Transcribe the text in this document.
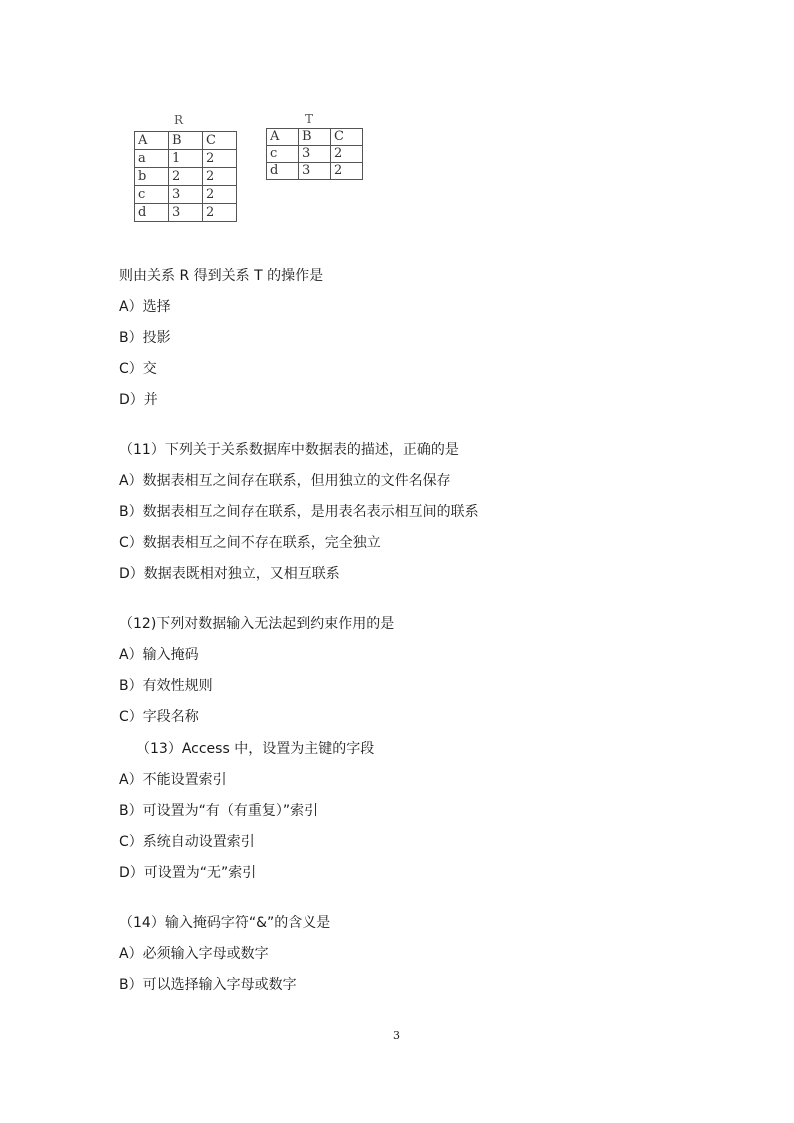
R
A	B	C
a	1	2
b	2	2
c	3	2
d	3	2
T
A	B	C
c	3	2
d	3	2
则由关系 R 得到关系 T 的操作是
A）选择
B）投影
C）交
D）并
（11）下列关于关系数据库中数据表的描述，正确的是
A）数据表相互之间存在联系，但用独立的文件名保存
B）数据表相互之间存在联系，是用表名表示相互间的联系
C）数据表相互之间不存在联系，完全独立
D）数据表既相对独立，又相互联系
（12)下列对数据输入无法起到约束作用的是
A）输入掩码
B）有效性规则
C）字段名称
（13）Access 中，设置为主键的字段
A）不能设置索引
B）可设置为“有（有重复）”索引
C）系统自动设置索引
D）可设置为“无”索引
（14）输入掩码字符“&”的含义是
A）必须输入字母或数字
B）可以选择输入字母或数字
3
